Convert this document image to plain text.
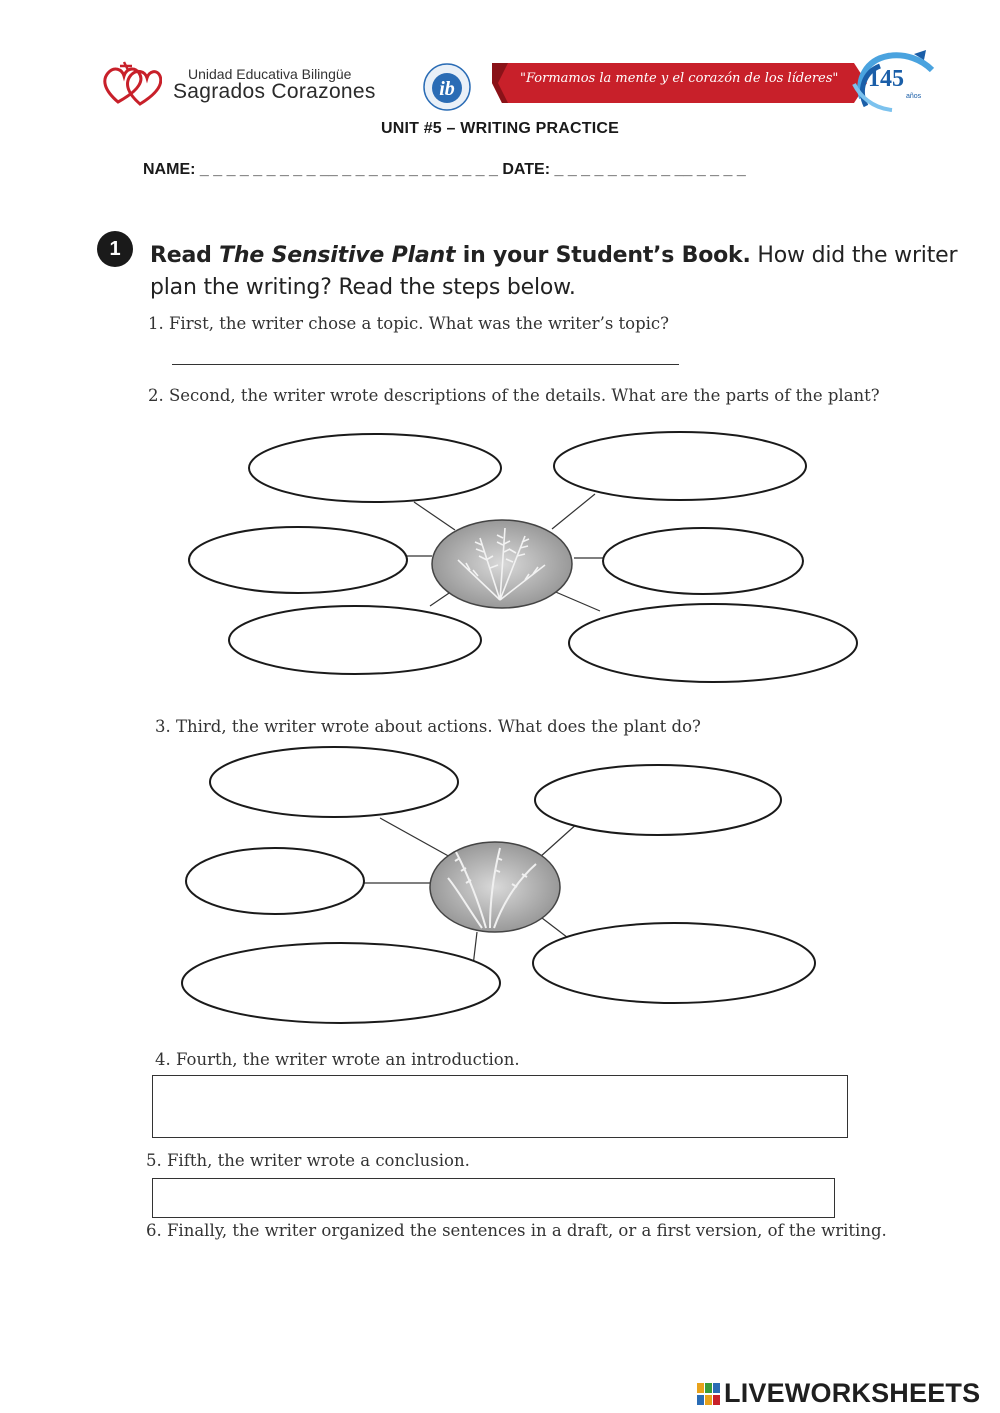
Unidad Educativa Bilingüe
Sagrados Corazones	ib	"Formamos la mente y el corazón de los líderes" 145
años
UNIT #5 – WRITING PRACTICE
NAME: _ _ _ _ _ _ _ _ _ __ _ _ _ _ _ _ _ _ _ _ _ _ DATE: _ _ _ _ _ _ _ _ _ __ _ _ _ _
1	Read The Sensitive Plant in your Student’s Book. How did the writer
plan the writing? Read the steps below.
1. First, the writer chose a topic. What was the writer’s topic?
2. Second, the writer wrote descriptions of the details. What are the parts of the plant?
3. Third, the writer wrote about actions. What does the plant do?
4. Fourth, the writer wrote an introduction.
5. Fifth, the writer wrote a conclusion.
6. Finally, the writer organized the sentences in a draft, or a first version, of the writing.
LIVEWORKSHEETS
